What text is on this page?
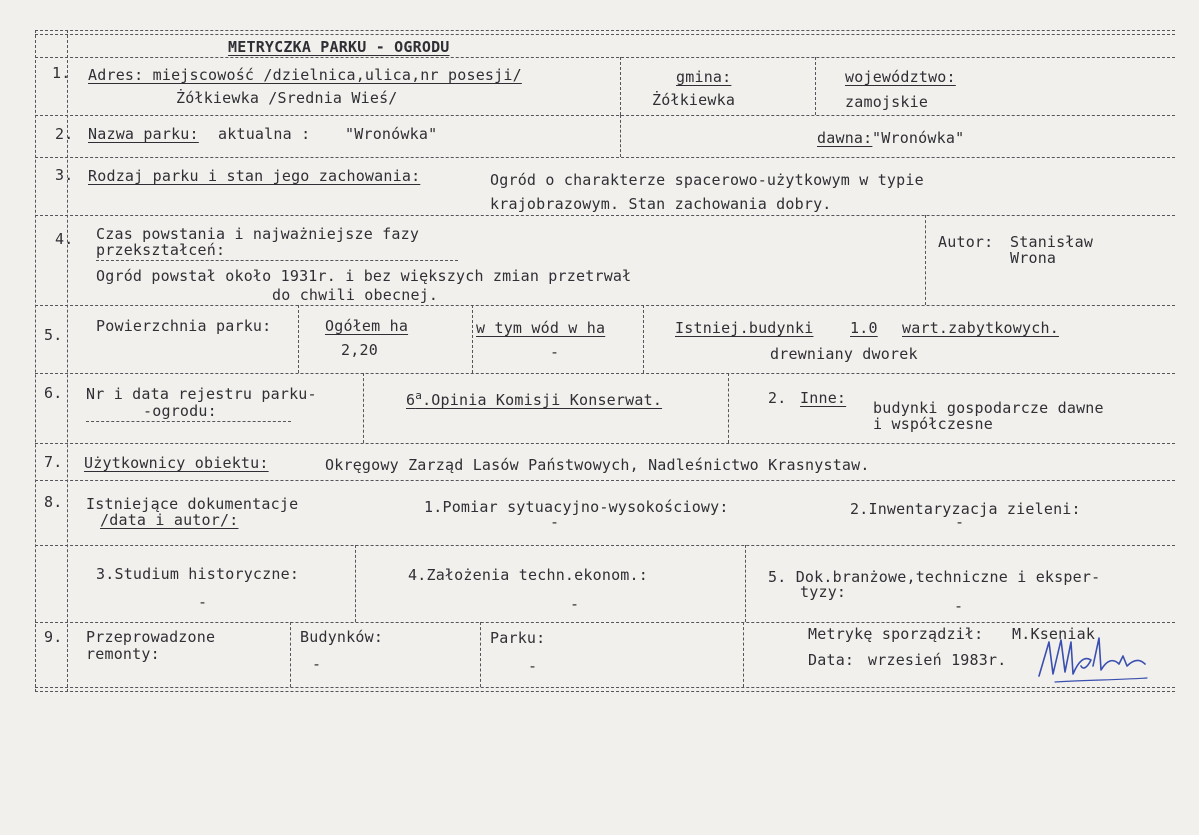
METRYCZKA PARKU - OGRODU
1. Adres: miejscowość /dzielnica,ulica,nr posesji/
Żółkiewka /Srednia Wieś/
gmina:
Żółkiewka
województwo:
zamojskie
2. Nazwa parku: aktualna : "Wronówka"	dawna: "Wronówka"
3. Rodzaj parku i stan jego zachowania:	Ogród o charakterze spacerowo-użytkowym w typie
krajobrazowym. Stan zachowania dobry.
4. Czas powstania i najważniejsze fazy
przekształceń:
Ogród powstał około 1931r. i bez większych zmian przetrwał
do chwili obecnej.
Autor: Stanisław
Wrona
5. Powierzchnia parku:	Ogółem ha
2,20
w tym wód w ha
-
Istniej.budynki 1.0 wart.zabytkowych.
drewniany dworek
6. Nr i data rejestru parku-
-ogrodu:
6$^a$.Opinia Komisji Konserwat.	2. Inne:
budynki gospodarcze dawne
i współczesne
7. Użytkownicy obiektu:	Okręgowy Zarząd Lasów Państwowych, Nadleśnictwo Krasnystaw.
8. Istniejące dokumentacje
/data i autor/:
1.Pomiar sytuacyjno-wysokościowy:
-
2.Inwentaryzacja zieleni:
-
3.Studium historyczne:
-
4.Założenia techn.ekonom.:
-
5. Dok.branżowe,techniczne i eksper-
tyzy:
-
9. Przeprowadzone
remonty:
Budynków:
-
Parku:
-
Metrykę sporządził: M.Kseniak
Data: wrzesień 1983r.
